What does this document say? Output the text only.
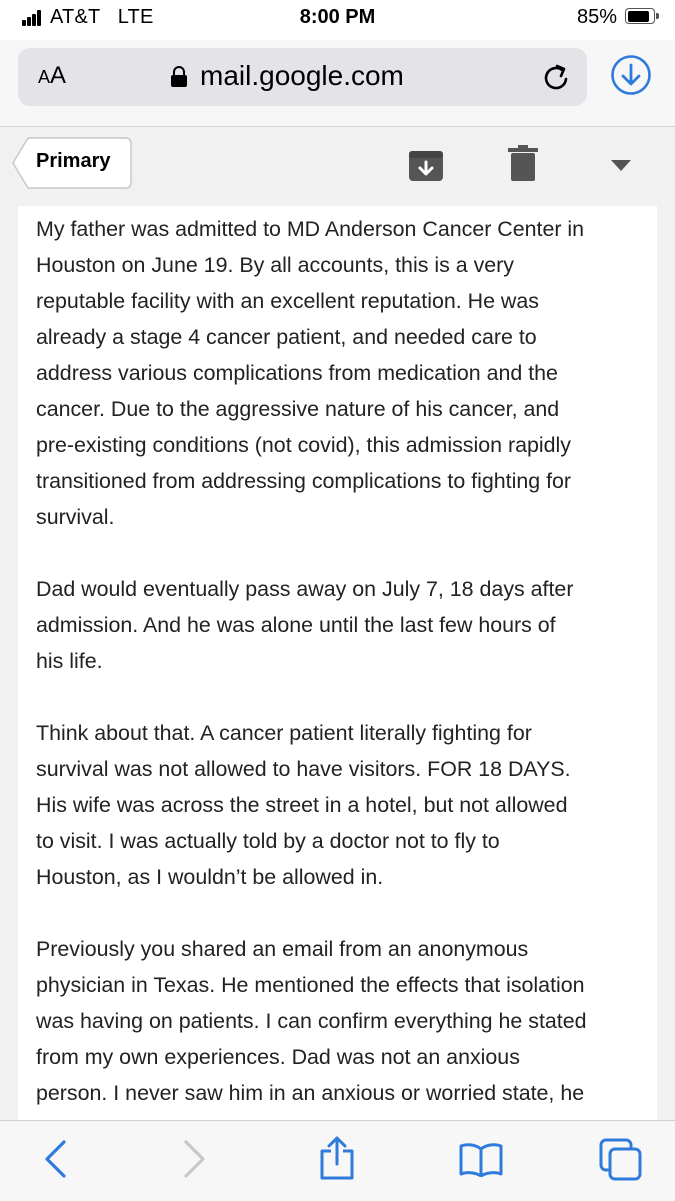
AT&T LTE	8:00 PM	85%
AA	mail.google.com
Primary
My father was admitted to MD Anderson Cancer Center in
Houston on June 19. By all accounts, this is a very
reputable facility with an excellent reputation. He was
already a stage 4 cancer patient, and needed care to
address various complications from medication and the
cancer. Due to the aggressive nature of his cancer, and
pre-existing conditions (not covid), this admission rapidly
transitioned from addressing complications to fighting for
survival.
Dad would eventually pass away on July 7, 18 days after
admission. And he was alone until the last few hours of
his life.
Think about that. A cancer patient literally fighting for
survival was not allowed to have visitors. FOR 18 DAYS.
His wife was across the street in a hotel, but not allowed
to visit. I was actually told by a doctor not to fly to
Houston, as I wouldn’t be allowed in.
Previously you shared an email from an anonymous
physician in Texas. He mentioned the effects that isolation
was having on patients. I can confirm everything he stated
from my own experiences. Dad was not an anxious
person. I never saw him in an anxious or worried state, he
